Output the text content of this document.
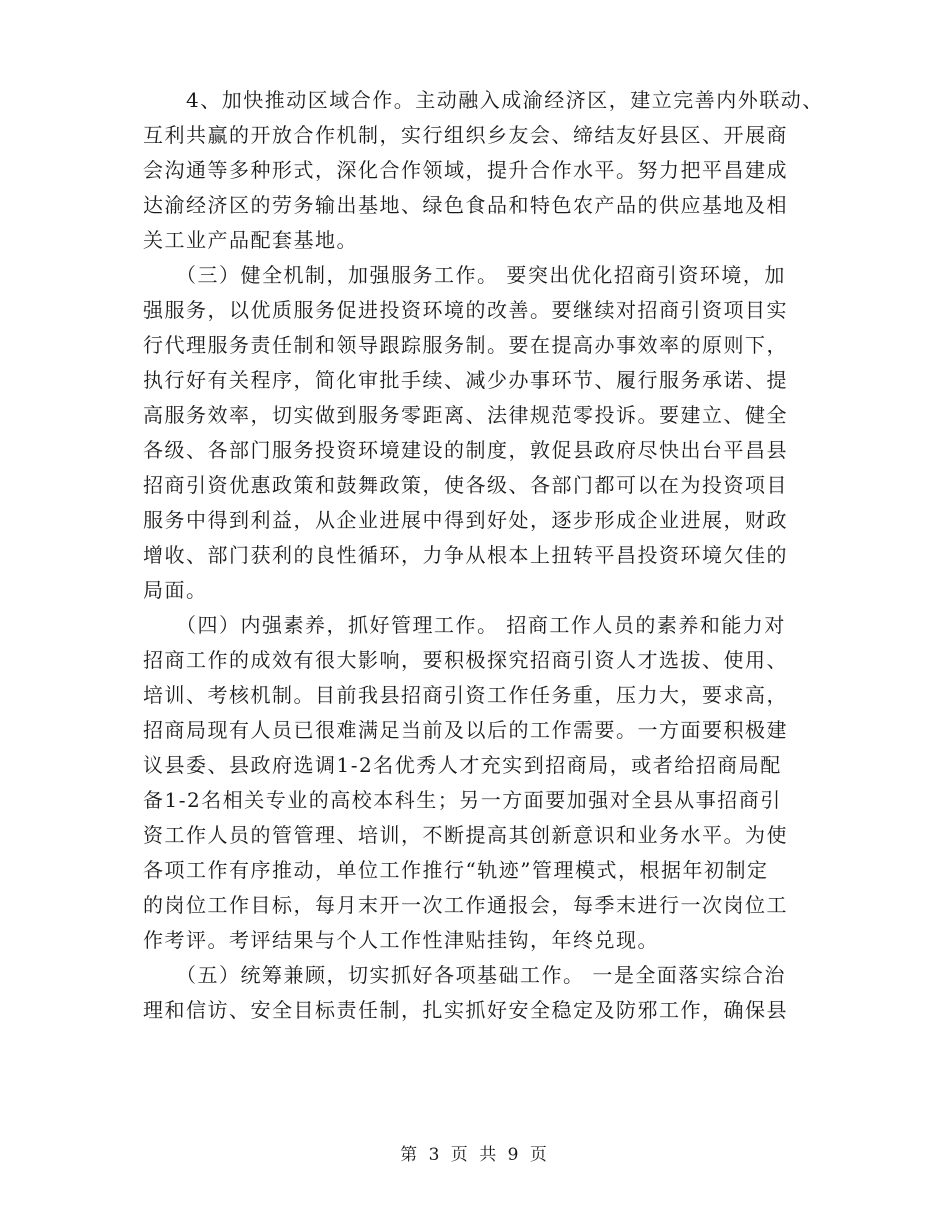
　　4、加快推动区域合作。主动融入成渝经济区，建立完善内外联动、
互利共赢的开放合作机制，实行组织乡友会、缔结友好县区、开展商
会沟通等多种形式，深化合作领域，提升合作水平。努力把平昌建成
达渝经济区的劳务输出基地、绿色食品和特色农产品的供应基地及相
关工业产品配套基地。
　　（三）健全机制，加强服务工作。 要突出优化招商引资环境，加
强服务，以优质服务促进投资环境的改善。要继续对招商引资项目实
行代理服务责任制和领导跟踪服务制。要在提高办事效率的原则下，
执行好有关程序，简化审批手续、减少办事环节、履行服务承诺、提
高服务效率，切实做到服务零距离、法律规范零投诉。要建立、健全
各级、各部门服务投资环境建设的制度，敦促县政府尽快出台平昌县
招商引资优惠政策和鼓舞政策，使各级、各部门都可以在为投资项目
服务中得到利益，从企业进展中得到好处，逐步形成企业进展，财政
增收、部门获利的良性循环，力争从根本上扭转平昌投资环境欠佳的
局面。
　　（四）内强素养，抓好管理工作。 招商工作人员的素养和能力对
招商工作的成效有很大影响，要积极探究招商引资人才选拔、使用、
培训、考核机制。目前我县招商引资工作任务重，压力大，要求高，
招商局现有人员已很难满足当前及以后的工作需要。一方面要积极建
议县委、县政府选调1-2名优秀人才充实到招商局，或者给招商局配
备1-2名相关专业的高校本科生；另一方面要加强对全县从事招商引
资工作人员的管管理、培训，不断提高其创新意识和业务水平。为使
各项工作有序推动，单位工作推行“轨迹”管理模式，根据年初制定
的岗位工作目标，每月末开一次工作通报会，每季末进行一次岗位工
作考评。考评结果与个人工作性津贴挂钩，年终兑现。
　　（五）统筹兼顾，切实抓好各项基础工作。 一是全面落实综合治
理和信访、安全目标责任制，扎实抓好安全稳定及防邪工作，确保县
第 3 页 共 9 页
